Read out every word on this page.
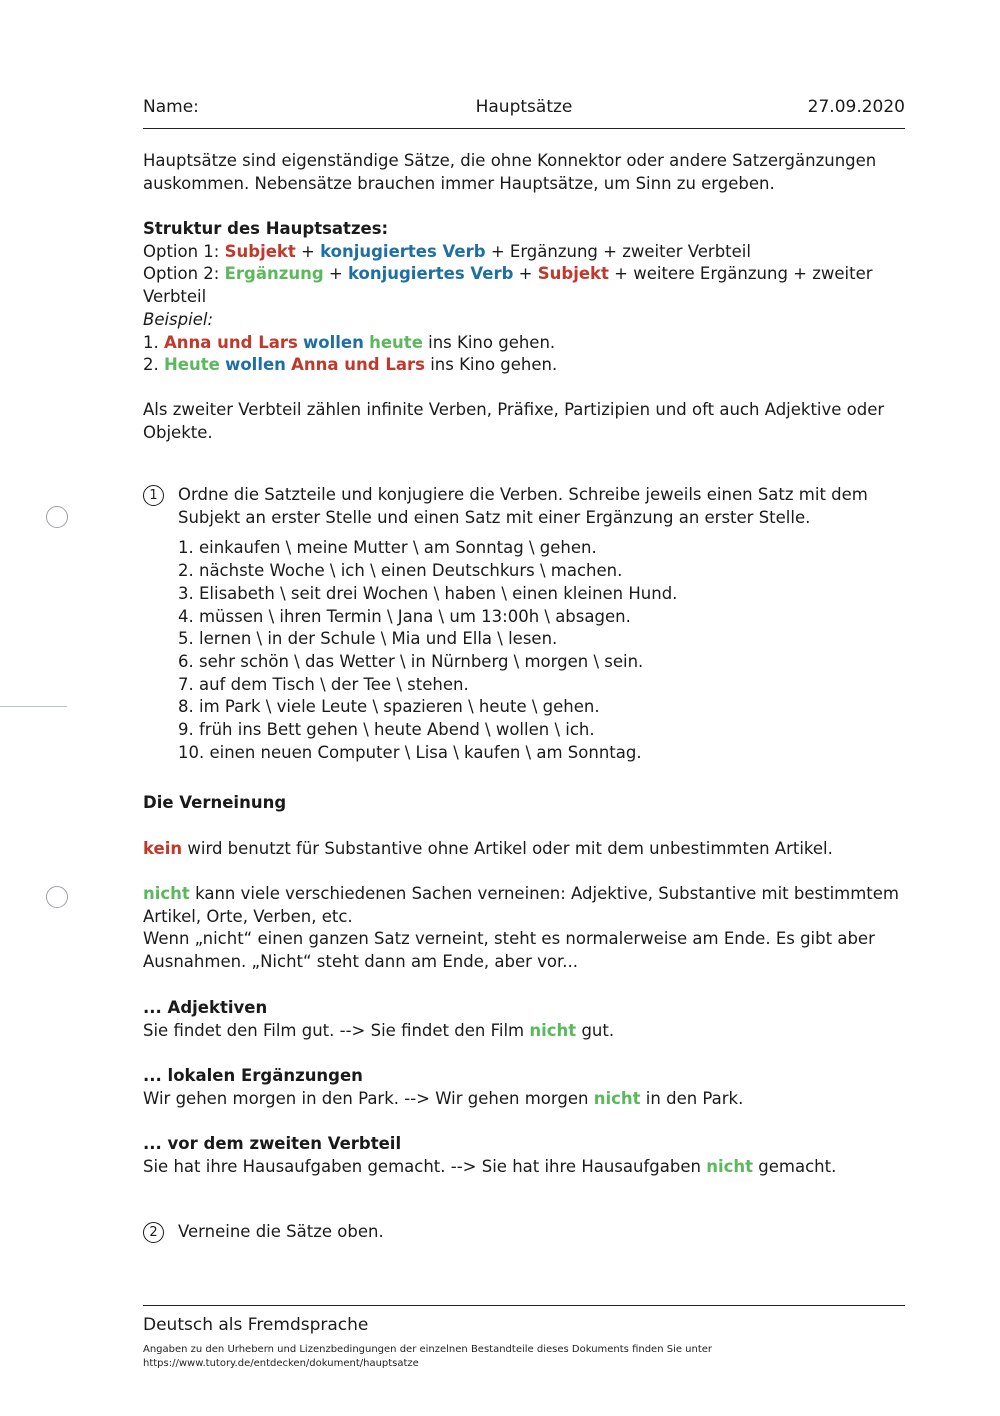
Name:	Hauptsätze	27.09.2020

Hauptsätze sind eigenständige Sätze, die ohne Konnektor oder andere Satzergänzungen

auskommen. Nebensätze brauchen immer Hauptsätze, um Sinn zu ergeben.

Struktur des Hauptsatzes:

Option 1: Subjekt + konjugiertes Verb + Ergänzung + zweiter Verbteil

Option 2: Ergänzung + konjugiertes Verb + Subjekt + weitere Ergänzung + zweiter Verbteil

Beispiel:

1. Anna und Lars wollen heute ins Kino gehen.

2. Heute wollen Anna und Lars ins Kino gehen.

Als zweiter Verbteil zählen infinite Verben, Präfixe, Partizipien und oft auch Adjektive oder

Objekte.

1	Ordne die Satzteile und konjugiere die Verben. Schreibe jeweils einen Satz mit dem

Subjekt an erster Stelle und einen Satz mit einer Ergänzung an erster Stelle.

1. einkaufen \ meine Mutter \ am Sonntag \ gehen.
2. nächste Woche \ ich \ einen Deutschkurs \ machen.
3. Elisabeth \ seit drei Wochen \ haben \ einen kleinen Hund.
4. müssen \ ihren Termin \ Jana \ um 13:00h \ absagen.
5. lernen \ in der Schule \ Mia und Ella \ lesen.
6. sehr schön \ das Wetter \ in Nürnberg \ morgen \ sein.
7. auf dem Tisch \ der Tee \ stehen.
8. im Park \ viele Leute \ spazieren \ heute \ gehen.
9. früh ins Bett gehen \ heute Abend \ wollen \ ich.
10. einen neuen Computer \ Lisa \ kaufen \ am Sonntag.

Die Verneinung

kein wird benutzt für Substantive ohne Artikel oder mit dem unbestimmten Artikel.

nicht kann viele verschiedenen Sachen verneinen: Adjektive, Substantive mit bestimmtem

Artikel, Orte, Verben, etc.

Wenn „nicht“ einen ganzen Satz verneint, steht es normalerweise am Ende. Es gibt aber

Ausnahmen. „Nicht“ steht dann am Ende, aber vor...

... Adjektiven

Sie findet den Film gut. --> Sie findet den Film nicht gut.

... lokalen Ergänzungen

Wir gehen morgen in den Park. --> Wir gehen morgen nicht in den Park.

... vor dem zweiten Verbteil

Sie hat ihre Hausaufgaben gemacht. --> Sie hat ihre Hausaufgaben nicht gemacht.

2	Verneine die Sätze oben.

Deutsch als Fremdsprache

Angaben zu den Urhebern und Lizenzbedingungen der einzelnen Bestandteile dieses Dokuments finden Sie unter

https://www.tutory.de/entdecken/dokument/hauptsatze
